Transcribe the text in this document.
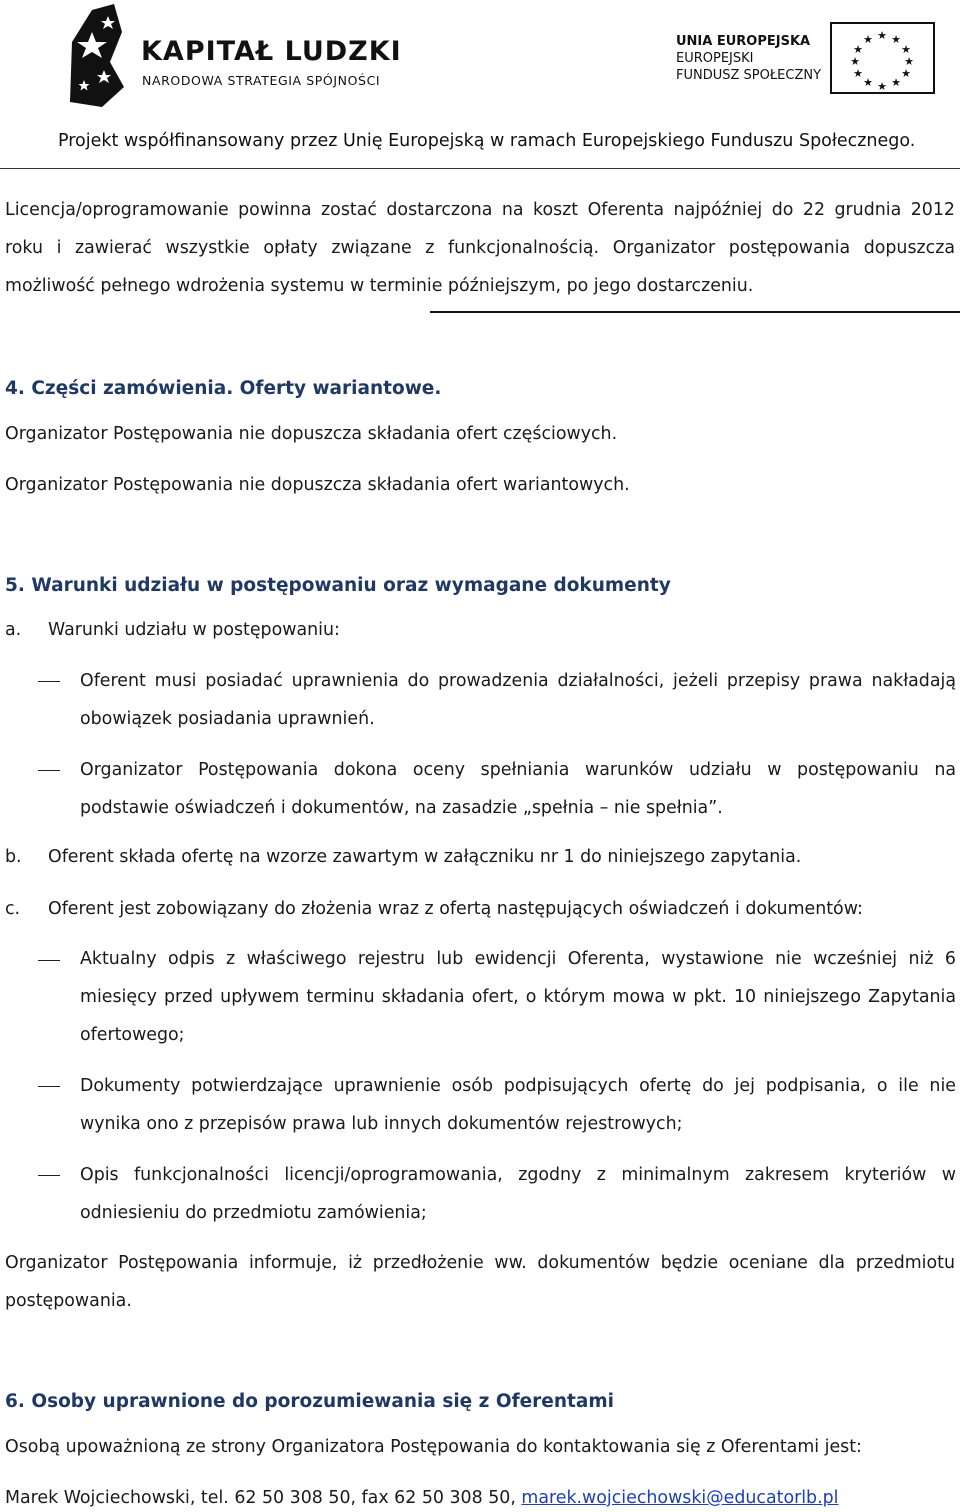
KAPITAŁ LUDZKI
NARODOWA STRATEGIA SPÓJNOŚCI
UNIA EUROPEJSKA
EUROPEJSKI
FUNDUSZ SPOŁECZNY
★ ★
★
★
★
★
★
★
★
★
★
★
Projekt współfinansowany przez Unię Europejską w ramach Europejskiego Funduszu Społecznego.
Licencja/oprogramowanie powinna zostać dostarczona na koszt Oferenta najpóźniej do 22 grudnia 2012 roku i zawierać wszystkie opłaty związane z funkcjonalnością. Organizator postępowania dopuszcza możliwość pełnego wdrożenia systemu w terminie późniejszym, po jego dostarczeniu.
4. Części zamówienia. Oferty wariantowe.
Organizator Postępowania nie dopuszcza składania ofert częściowych.
Organizator Postępowania nie dopuszcza składania ofert wariantowych.
5. Warunki udziału w postępowaniu oraz wymagane dokumenty
a. Warunki udziału w postępowaniu:
Oferent musi posiadać uprawnienia do prowadzenia działalności, jeżeli przepisy prawa nakładają obowiązek posiadania uprawnień.
Organizator Postępowania dokona oceny spełniania warunków udziału w postępowaniu na podstawie oświadczeń i dokumentów, na zasadzie „spełnia – nie spełnia”.
b. Oferent składa ofertę na wzorze zawartym w załączniku nr 1 do niniejszego zapytania.
c. Oferent jest zobowiązany do złożenia wraz z ofertą następujących oświadczeń i dokumentów:
Aktualny odpis z właściwego rejestru lub ewidencji Oferenta, wystawione nie wcześniej niż 6 miesięcy przed upływem terminu składania ofert, o którym mowa w pkt. 10 niniejszego Zapytania ofertowego;
Dokumenty potwierdzające uprawnienie osób podpisujących ofertę do jej podpisania, o ile nie wynika ono z przepisów prawa lub innych dokumentów rejestrowych;
Opis funkcjonalności licencji/oprogramowania, zgodny z minimalnym zakresem kryteriów w odniesieniu do przedmiotu zamówienia;
Organizator Postępowania informuje, iż przedłożenie ww. dokumentów będzie oceniane dla przedmiotu postępowania.
6. Osoby uprawnione do porozumiewania się z Oferentami
Osobą upoważnioną ze strony Organizatora Postępowania do kontaktowania się z Oferentami jest:
Marek Wojciechowski, tel. 62 50 308 50, fax 62 50 308 50, marek.wojciechowski@educatorlb.pl
